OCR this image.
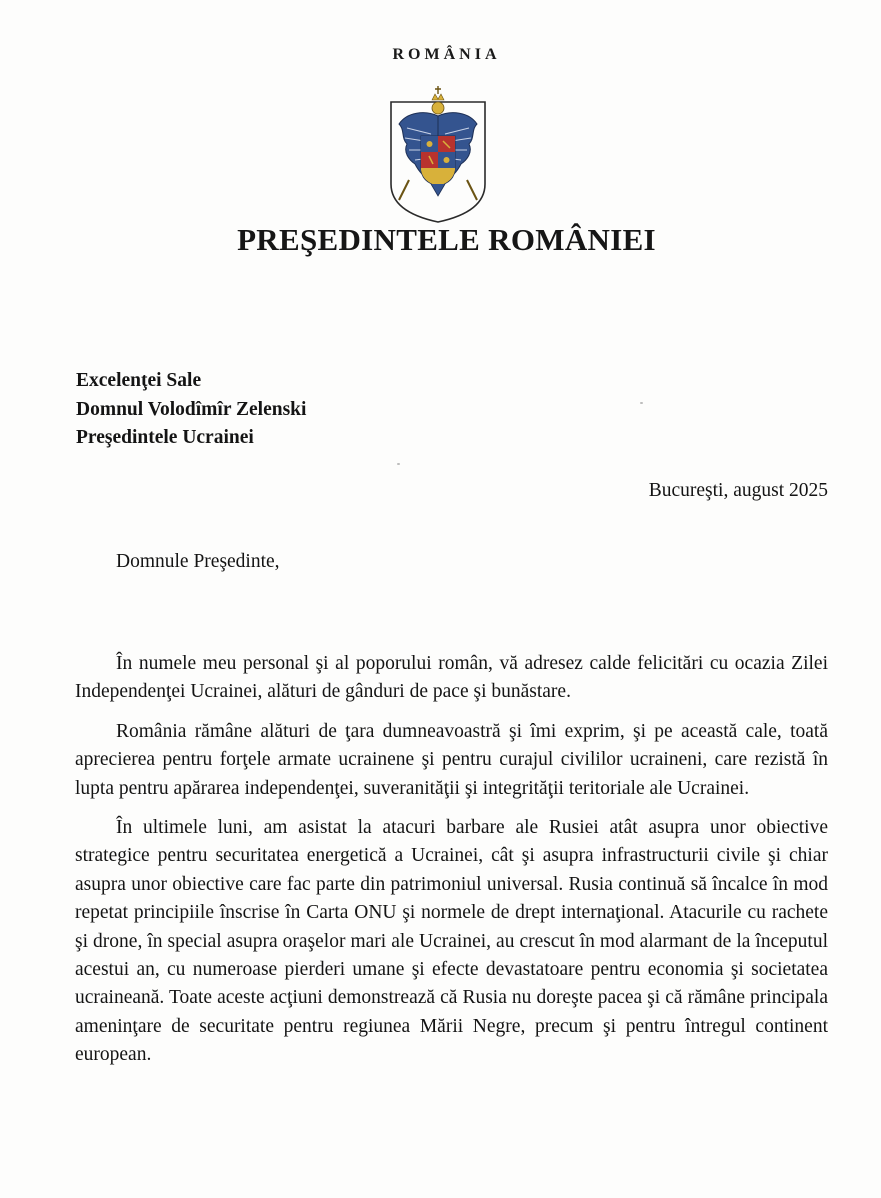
ROMÂNIA
PREŞEDINTELE ROMÂNIEI
Excelenţei Sale
Domnul Volodîmîr Zelenski
Preşedintele Ucrainei
Bucureşti, august 2025
Domnule Preşedinte,

În numele meu personal şi al poporului român, vă adresez calde felicitări cu ocazia Zilei Independenţei Ucrainei, alături de gânduri de pace şi bunăstare.

România rămâne alături de ţara dumneavoastră şi îmi exprim, şi pe această cale, toată aprecierea pentru forţele armate ucrainene şi pentru curajul civililor ucraineni, care rezistă în lupta pentru apărarea independenţei, suveranităţii şi integrităţii teritoriale ale Ucrainei.

În ultimele luni, am asistat la atacuri barbare ale Rusiei atât asupra unor obiective strategice pentru securitatea energetică a Ucrainei, cât şi asupra infrastructurii civile şi chiar asupra unor obiective care fac parte din patrimoniul universal. Rusia continuă să încalce în mod repetat principiile înscrise în Carta ONU şi normele de drept internaţional. Atacurile cu rachete şi drone, în special asupra oraşelor mari ale Ucrainei, au crescut în mod alarmant de la începutul acestui an, cu numeroase pierderi umane şi efecte devastatoare pentru economia şi societatea ucraineană. Toate aceste acţiuni demonstrează că Rusia nu doreşte pacea şi că rămâne principala ameninţare de securitate pentru regiunea Mării Negre, precum şi pentru întregul continent european.
